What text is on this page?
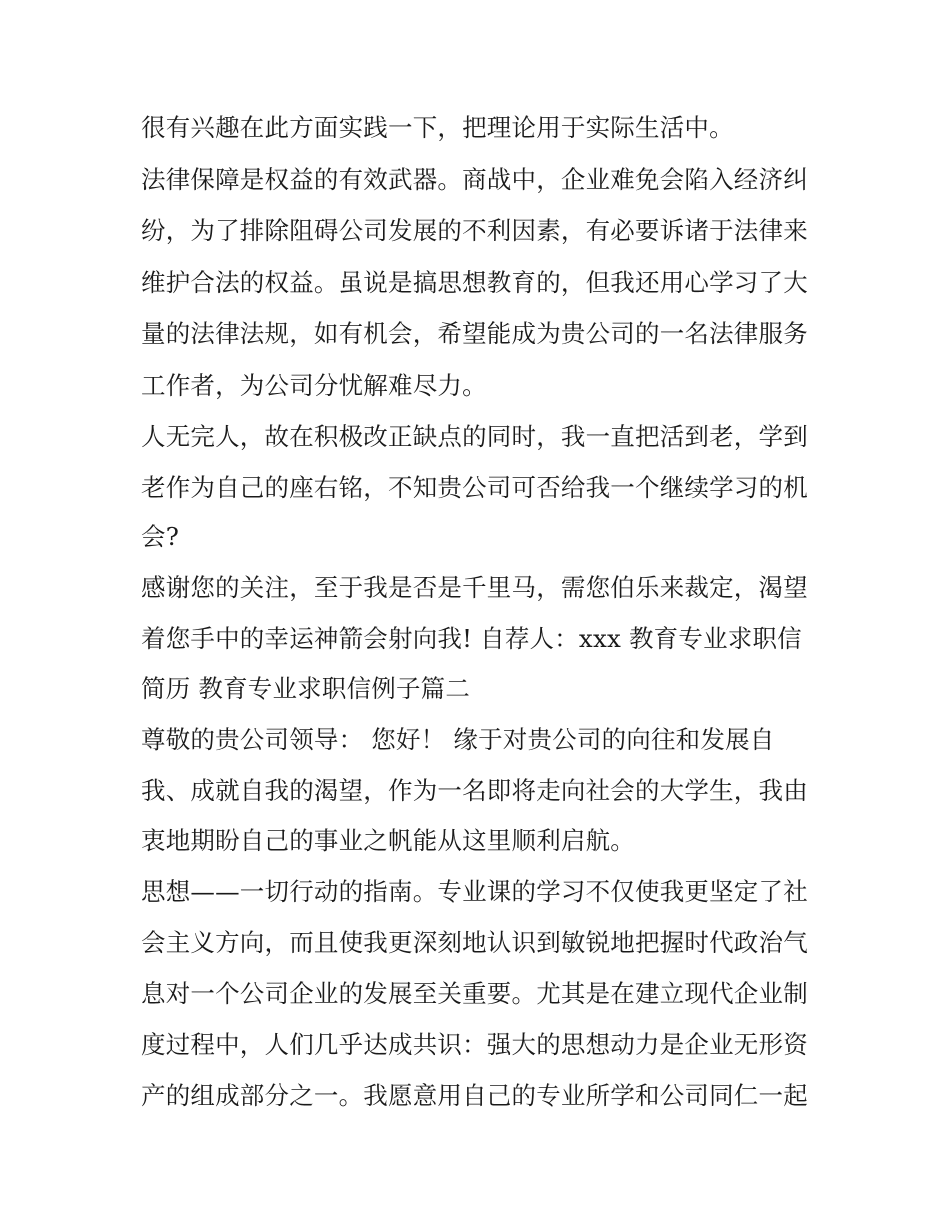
很有兴趣在此方面实践一下，把理论用于实际生活中。

法律保障是权益的有效武器。商战中，企业难免会陷入经济纠

纷，为了排除阻碍公司发展的不利因素，有必要诉诸于法律来

维护合法的权益。虽说是搞思想教育的，但我还用心学习了大

量的法律法规，如有机会，希望能成为贵公司的一名法律服务

工作者，为公司分忧解难尽力。

人无完人，故在积极改正缺点的同时，我一直把活到老，学到

老作为自己的座右铭，不知贵公司可否给我一个继续学习的机

会?

感谢您的关注，至于我是否是千里马，需您伯乐来裁定，渴望

着您手中的幸运神箭会射向我! 自荐人：xxx 教育专业求职信

简历 教育专业求职信例子篇二

尊敬的贵公司领导： 您好！ 缘于对贵公司的向往和发展自

我、成就自我的渴望，作为一名即将走向社会的大学生，我由

衷地期盼自己的事业之帆能从这里顺利启航。

思想——一切行动的指南。专业课的学习不仅使我更坚定了社

会主义方向，而且使我更深刻地认识到敏锐地把握时代政治气

息对一个公司企业的发展至关重要。尤其是在建立现代企业制

度过程中，人们几乎达成共识：强大的思想动力是企业无形资

产的组成部分之一。我愿意用自己的专业所学和公司同仁一起
